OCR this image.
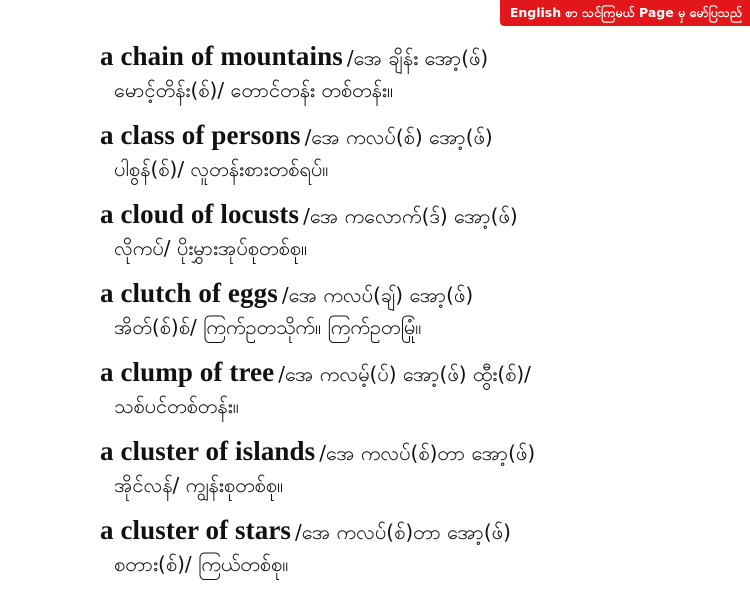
English စာ သင်ကြမယ် Page မှ မော်ပြသည်
a chain of mountains /အေ ချိန်း အော့(ဖ်)
မောင့်တိန်း(စ်)/ တောင်တန်း တစ်တန်း။
a class of persons /အေ ကလပ်(စ်) အော့(ဖ်)
ပါစွန်(စ်)/ လူတန်းစားတစ်ရပ်။
a cloud of locusts /အေ ကလောက်(ဒ်) အော့(ဖ်)
လိုကပ်/ ပိုးမွှားအုပ်စုတစ်စု။
a clutch of eggs /အေ ကလပ်(ချ်) အော့(ဖ်)
အိတ်(စ်)စ်/ ကြက်ဥတသိုက်။ ကြက်ဥတမြုံ။
a clump of tree /အေ ကလမ့်(ပ်) အော့(ဖ်) ထွီး(စ်)/
သစ်ပင်တစ်တန်း။
a cluster of islands /အေ ကလပ်(စ်)တာ အော့(ဖ်)
အိုင်လန်/ ကျွန်းစုတစ်စု။
a cluster of stars /အေ ကလပ်(စ်)တာ အော့(ဖ်)
စတား(စ်)/ ကြယ်တစ်စု။
